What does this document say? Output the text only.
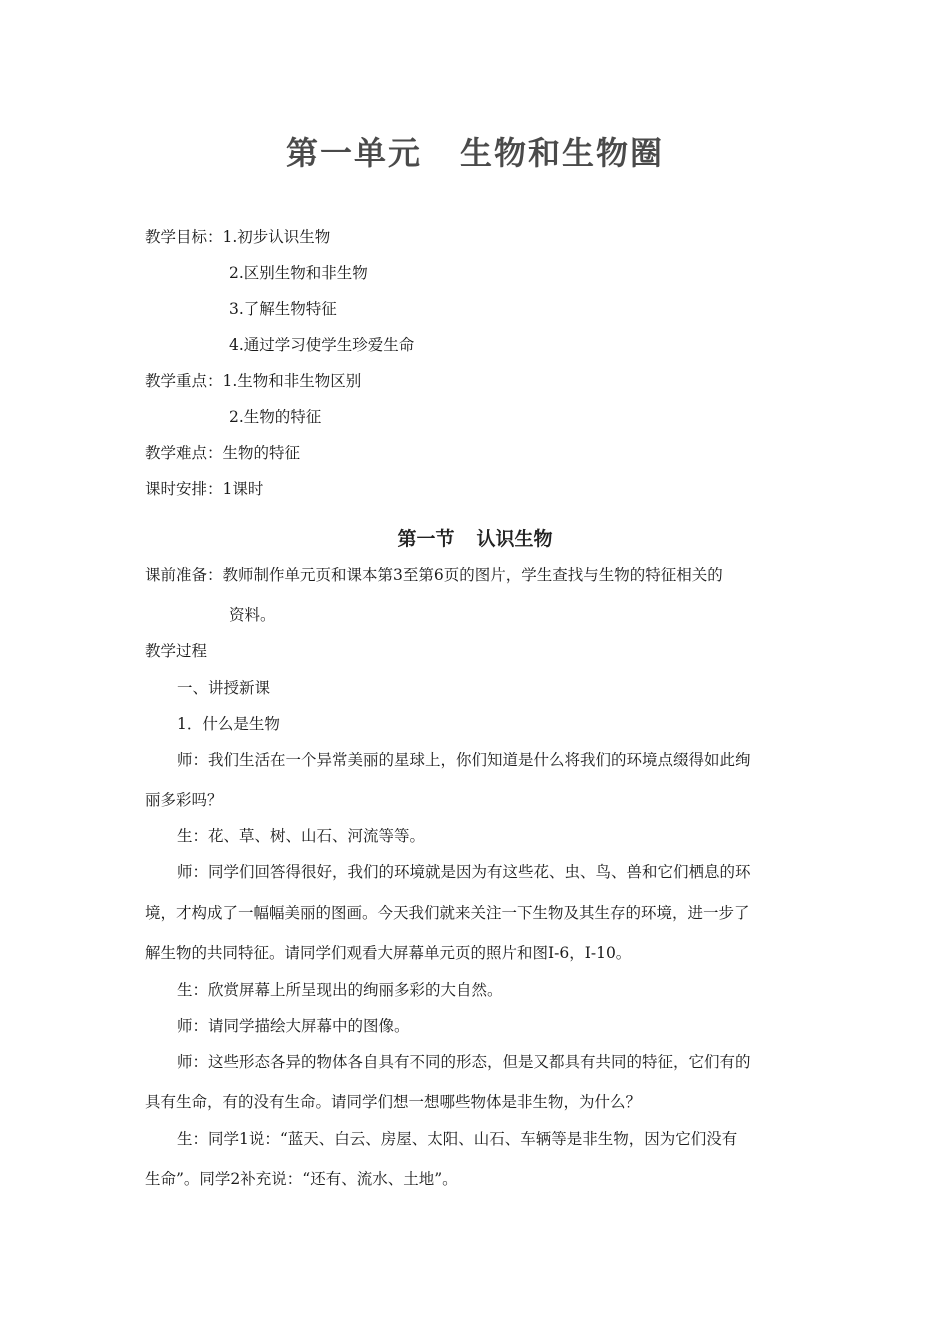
第一单元 生物和生物圈
教学目标：1.初步认识生物
2.区别生物和非生物
3.了解生物特征
4.通过学习使学生珍爱生命
教学重点：1.生物和非生物区别
2.生物的特征
教学难点：生物的特征
课时安排：1课时
第一节 认识生物
课前准备：教师制作单元页和课本第3至第6页的图片，学生查找与生物的特征相关的
资料。
教学过程
一、讲授新课
1．什么是生物
师：我们生活在一个异常美丽的星球上，你们知道是什么将我们的环境点缀得如此绚
丽多彩吗？
生：花、草、树、山石、河流等等。
师：同学们回答得很好，我们的环境就是因为有这些花、虫、鸟、兽和它们栖息的环
境，才构成了一幅幅美丽的图画。今天我们就来关注一下生物及其生存的环境，进一步了
解生物的共同特征。请同学们观看大屏幕单元页的照片和图I-6，I-10。
生：欣赏屏幕上所呈现出的绚丽多彩的大自然。
师：请同学描绘大屏幕中的图像。
师：这些形态各异的物体各自具有不同的形态，但是又都具有共同的特征，它们有的
具有生命，有的没有生命。请同学们想一想哪些物体是非生物，为什么？
生：同学1说：“蓝天、白云、房屋、太阳、山石、车辆等是非生物，因为它们没有
生命”。同学2补充说：“还有、流水、土地”。
